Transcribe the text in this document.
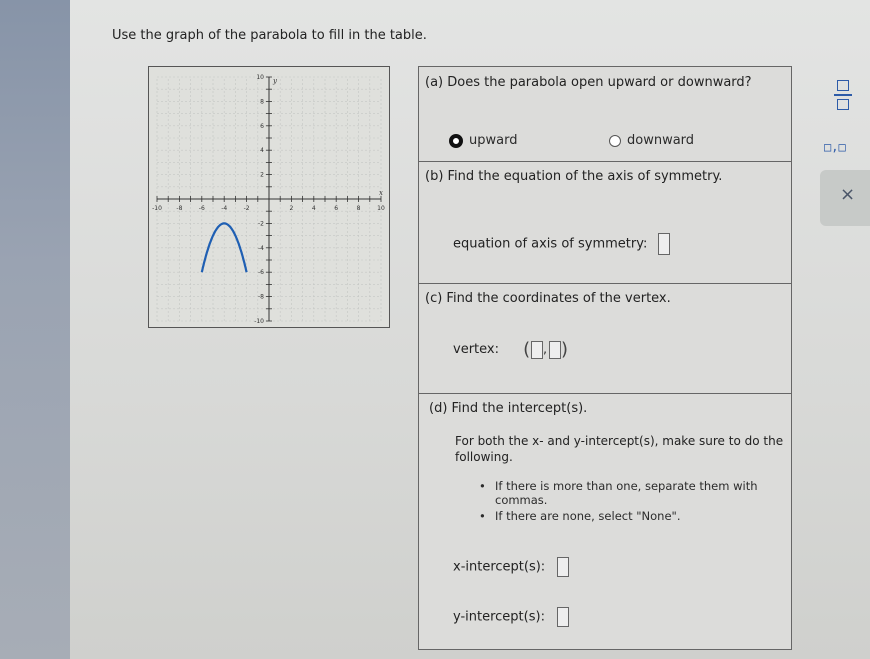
Use the graph of the parabola to fill in the table.
-10 -8	-6	-4	-2	2	4	6	8	10
10
8
6
4
2
-2
-4
-6
-8
-10
x
y	(a) Does the parabola open upward or downward?
upward	downward
(b) Find the equation of the axis of symmetry.
equation of axis of symmetry:
(c) Find the coordinates of the vertex.
vertex: ( , )
(d) Find the intercept(s).
For both the x- and y-intercept(s), make sure to do the following.
• If there is more than one, separate them with commas.
• If there are none, select "None".
x-intercept(s):
y-intercept(s):
□,□
×
